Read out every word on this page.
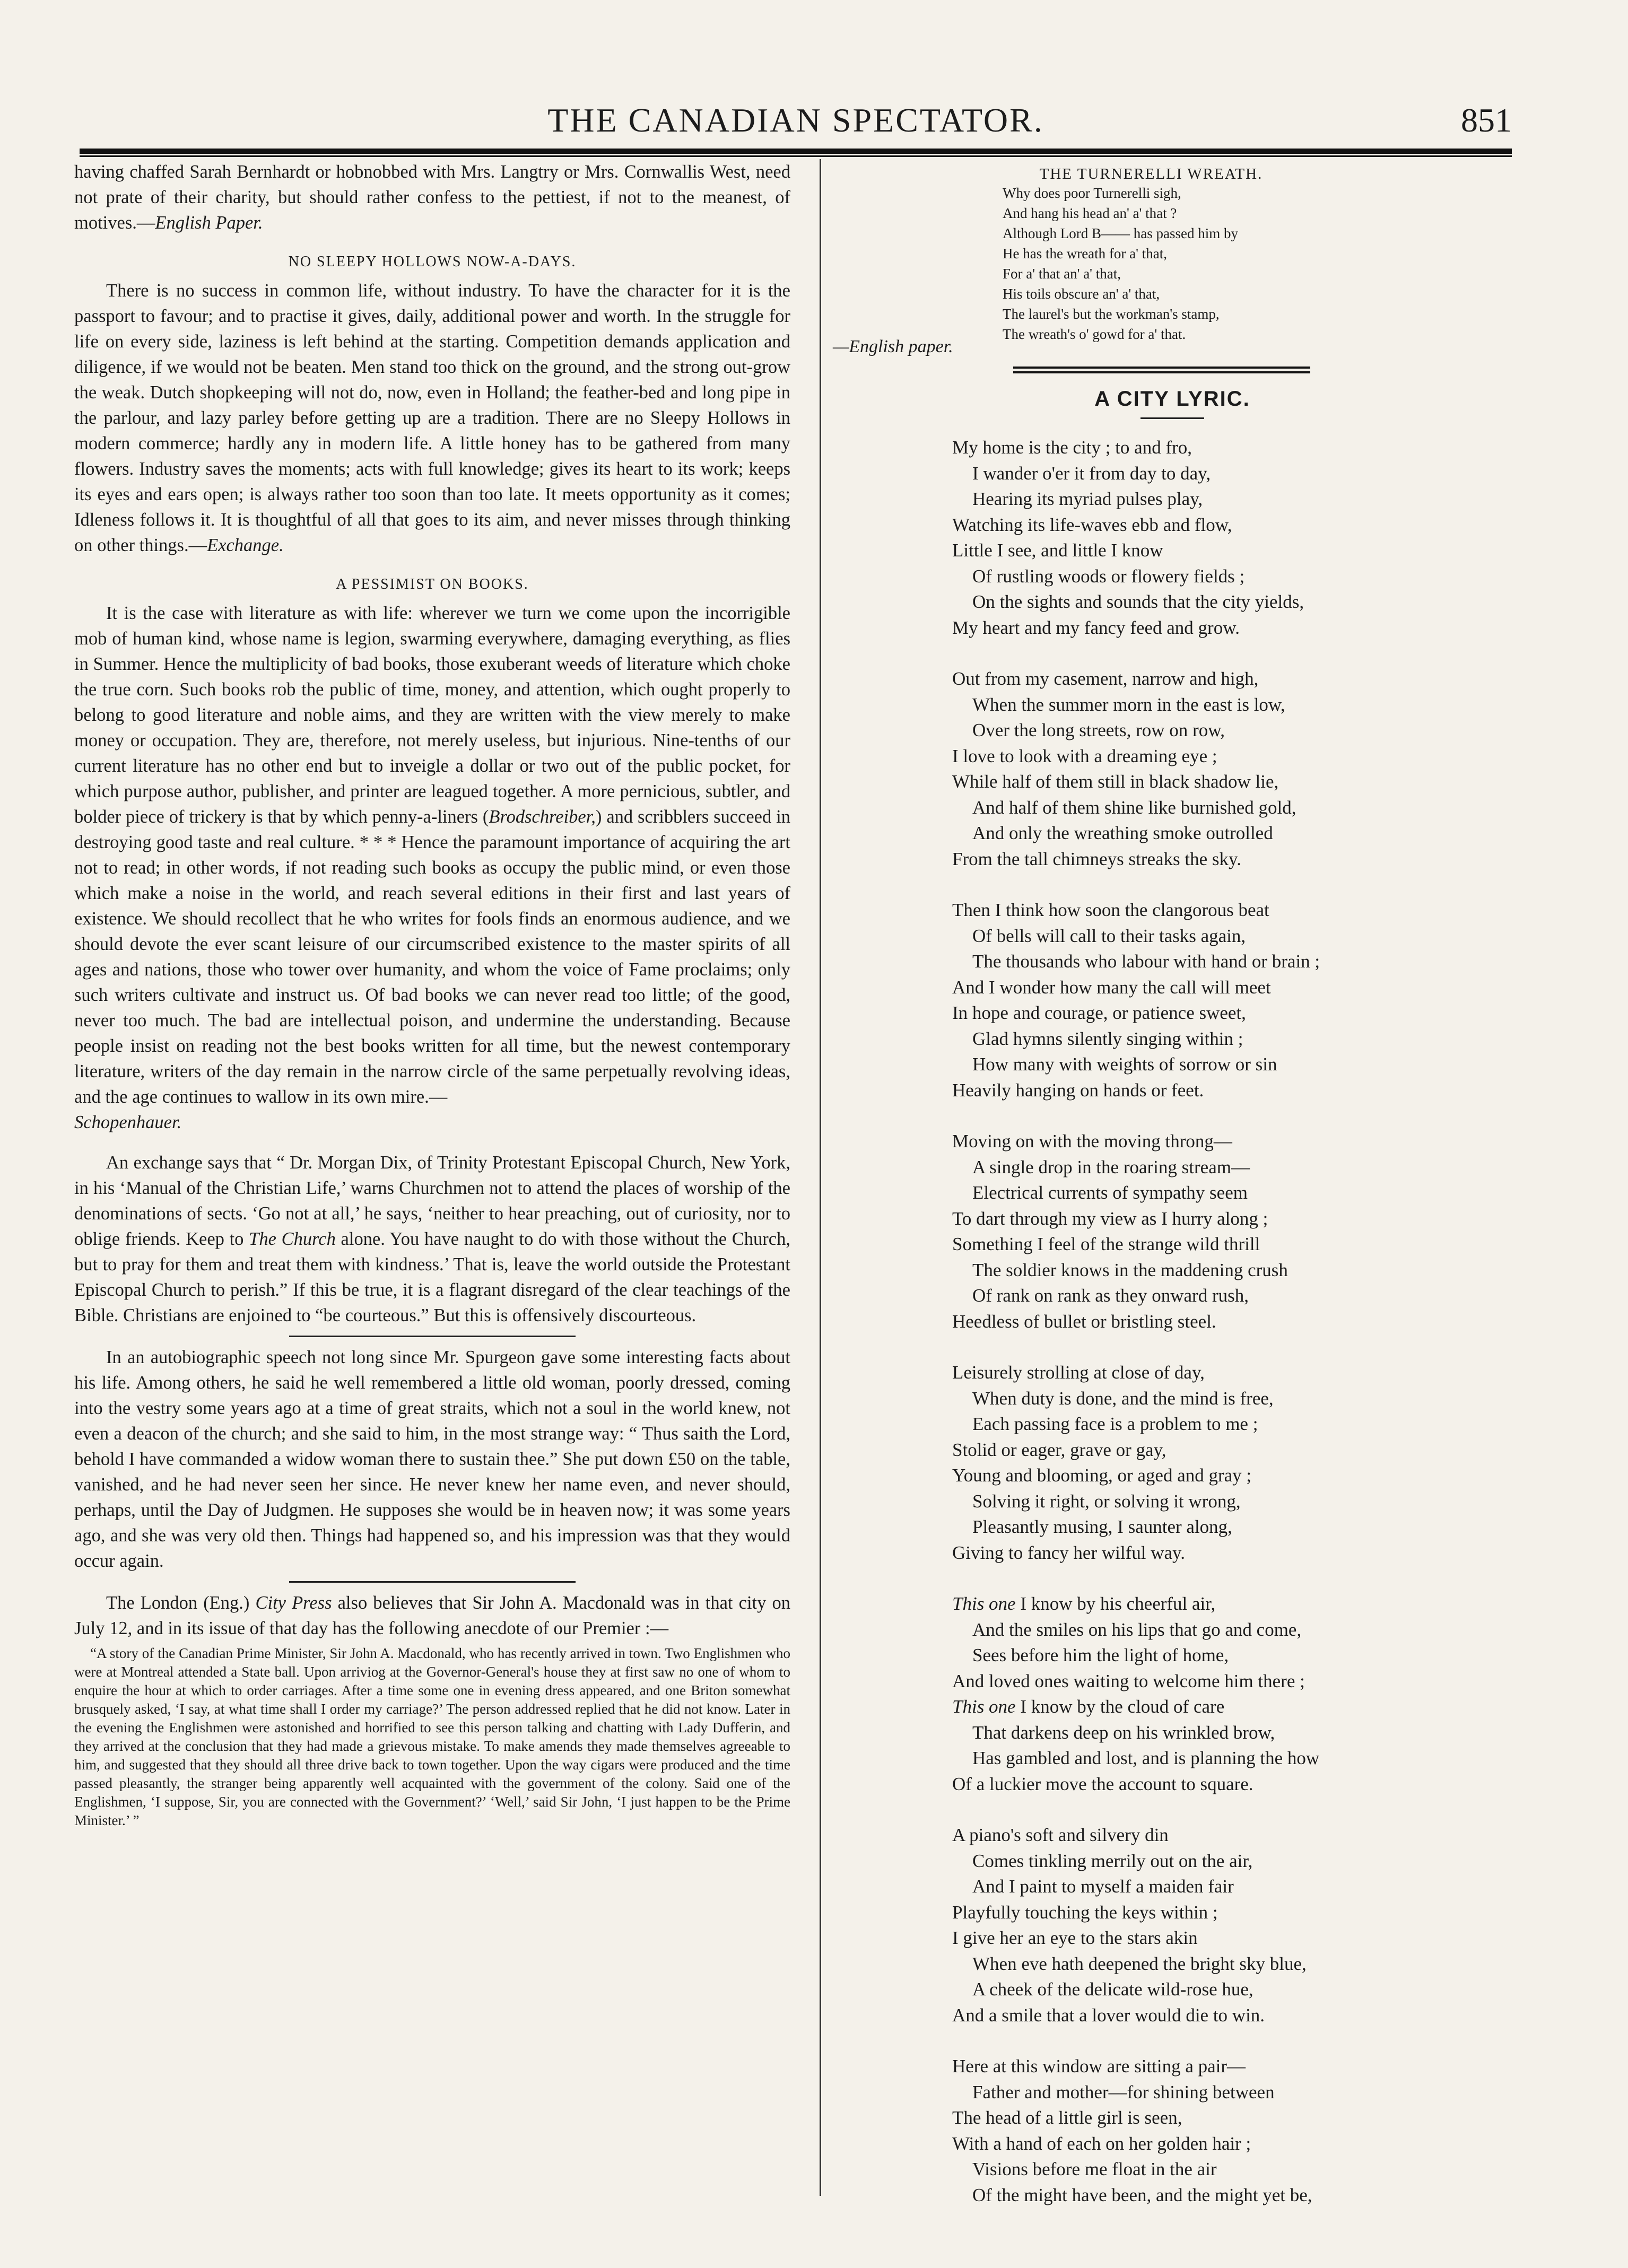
THE CANADIAN SPECTATOR.	851

having chaffed Sarah Bernhardt or hobnobbed with Mrs. Langtry or Mrs. Cornwallis West, need not prate of their charity, but should rather confess to the pettiest, if not to the meanest, of motives.—English Paper.

NO SLEEPY HOLLOWS NOW-A-DAYS.

There is no success in common life, without industry. To have the character for it is the passport to favour; and to practise it gives, daily, additional power and worth. In the struggle for life on every side, laziness is left behind at the starting. Competition demands application and diligence, if we would not be beaten. Men stand too thick on the ground, and the strong out-grow the weak. Dutch shopkeeping will not do, now, even in Holland; the feather-bed and long pipe in the parlour, and lazy parley before getting up are a tradition. There are no Sleepy Hollows in modern commerce; hardly any in modern life. A little honey has to be gathered from many flowers. Industry saves the moments; acts with full knowledge; gives its heart to its work; keeps its eyes and ears open; is always rather too soon than too late. It meets opportunity as it comes; Idleness follows it. It is thoughtful of all that goes to its aim, and never misses through thinking on other things.—Exchange.

A PESSIMIST ON BOOKS.

It is the case with literature as with life: wherever we turn we come upon the incorrigible mob of human kind, whose name is legion, swarming everywhere, damaging everything, as flies in Summer. Hence the multiplicity of bad books, those exuberant weeds of literature which choke the true corn. Such books rob the public of time, money, and attention, which ought properly to belong to good literature and noble aims, and they are written with the view merely to make money or occupation. They are, therefore, not merely useless, but injurious. Nine-tenths of our current literature has no other end but to inveigle a dollar or two out of the public pocket, for which purpose author, publisher, and printer are leagued together. A more pernicious, subtler, and bolder piece of trickery is that by which penny-a-liners (Brodschreiber,) and scribblers succeed in destroying good taste and real culture. * * * Hence the paramount importance of acquiring the art not to read; in other words, if not reading such books as occupy the public mind, or even those which make a noise in the world, and reach several editions in their first and last years of existence. We should recollect that he who writes for fools finds an enormous audience, and we should devote the ever scant leisure of our circumscribed existence to the master spirits of all ages and nations, those who tower over humanity, and whom the voice of Fame proclaims; only such writers cultivate and instruct us. Of bad books we can never read too little; of the good, never too much. The bad are intellectual poison, and undermine the understanding. Because people insist on reading not the best books written for all time, but the newest contemporary literature, writers of the day remain in the narrow circle of the same perpetually revolving ideas, and the age continues to wallow in its own mire.—
Schopenhauer.

An exchange says that “ Dr. Morgan Dix, of Trinity Protestant Episcopal Church, New York, in his ‘Manual of the Christian Life,’ warns Churchmen not to attend the places of worship of the denominations of sects. ‘Go not at all,’ he says, ‘neither to hear preaching, out of curiosity, nor to oblige friends. Keep to The Church alone. You have naught to do with those without the Church, but to pray for them and treat them with kindness.’ That is, leave the world outside the Protestant Episcopal Church to perish.” If this be true, it is a flagrant disregard of the clear teachings of the Bible. Christians are enjoined to “be courteous.” But this is offensively discourteous.

In an autobiographic speech not long since Mr. Spurgeon gave some interesting facts about his life. Among others, he said he well remembered a little old woman, poorly dressed, coming into the vestry some years ago at a time of great straits, which not a soul in the world knew, not even a deacon of the church; and she said to him, in the most strange way: “ Thus saith the Lord, behold I have commanded a widow woman there to sustain thee.” She put down £50 on the table, vanished, and he had never seen her since. He never knew her name even, and never should, perhaps, until the Day of Judgmen. He supposes she would be in heaven now; it was some years ago, and she was very old then. Things had happened so, and his impression was that they would occur again.

The London (Eng.) City Press also believes that Sir John A. Macdonald was in that city on July 12, and in its issue of that day has the following anecdote of our Premier :—

“A story of the Canadian Prime Minister, Sir John A. Macdonald, who has recently arrived in town. Two Englishmen who were at Montreal attended a State ball. Upon arriviog at the Governor-General's house they at first saw no one of whom to enquire the hour at which to order carriages. After a time some one in evening dress appeared, and one Briton somewhat brusquely asked, ‘I say, at what time shall I order my carriage?’ The person addressed replied that he did not know. Later in the evening the Englishmen were astonished and horrified to see this person talking and chatting with Lady Dufferin, and they arrived at the conclusion that they had made a grievous mistake. To make amends they made themselves agreeable to him, and suggested that they should all three drive back to town together. Upon the way cigars were produced and the time passed pleasantly, the stranger being apparently well acquainted with the government of the colony. Said one of the Englishmen, ‘I suppose, Sir, you are connected with the Government?’ ‘Well,’ said Sir John, ‘I just happen to be the Prime Minister.’ ”

THE TURNERELLI WREATH.
Why does poor Turnerelli sigh,
And hang his head an' a' that ?
Although Lord B—— has passed him by
He has the wreath for a' that,
For a' that an' a' that,
His toils obscure an' a' that,
The laurel's but the workman's stamp,
The wreath's o' gowd for a' that.
—English paper.
A CITY LYRIC.
My home is the city ; to and fro,
I wander o'er it from day to day,
Hearing its myriad pulses play,
Watching its life-waves ebb and flow,
Little I see, and little I know
Of rustling woods or flowery fields ;
On the sights and sounds that the city yields,
My heart and my fancy feed and grow.
Out from my casement, narrow and high,
When the summer morn in the east is low,
Over the long streets, row on row,
I love to look with a dreaming eye ;
While half of them still in black shadow lie,
And half of them shine like burnished gold,
And only the wreathing smoke outrolled
From the tall chimneys streaks the sky.
Then I think how soon the clangorous beat
Of bells will call to their tasks again,
The thousands who labour with hand or brain ;
And I wonder how many the call will meet
In hope and courage, or patience sweet,
Glad hymns silently singing within ;
How many with weights of sorrow or sin
Heavily hanging on hands or feet.
Moving on with the moving throng—
A single drop in the roaring stream—
Electrical currents of sympathy seem
To dart through my view as I hurry along ;
Something I feel of the strange wild thrill
The soldier knows in the maddening crush
Of rank on rank as they onward rush,
Heedless of bullet or bristling steel.
Leisurely strolling at close of day,
When duty is done, and the mind is free,
Each passing face is a problem to me ;
Stolid or eager, grave or gay,
Young and blooming, or aged and gray ;
Solving it right, or solving it wrong,
Pleasantly musing, I saunter along,
Giving to fancy her wilful way.
This one I know by his cheerful air,
And the smiles on his lips that go and come,
Sees before him the light of home,
And loved ones waiting to welcome him there ;
This one I know by the cloud of care
That darkens deep on his wrinkled brow,
Has gambled and lost, and is planning the how
Of a luckier move the account to square.
A piano's soft and silvery din
Comes tinkling merrily out on the air,
And I paint to myself a maiden fair
Playfully touching the keys within ;
I give her an eye to the stars akin
When eve hath deepened the bright sky blue,
A cheek of the delicate wild-rose hue,
And a smile that a lover would die to win.
Here at this window are sitting a pair—
Father and mother—for shining between
The head of a little girl is seen,
With a hand of each on her golden hair ;
Visions before me float in the air
Of the might have been, and the might yet be,
